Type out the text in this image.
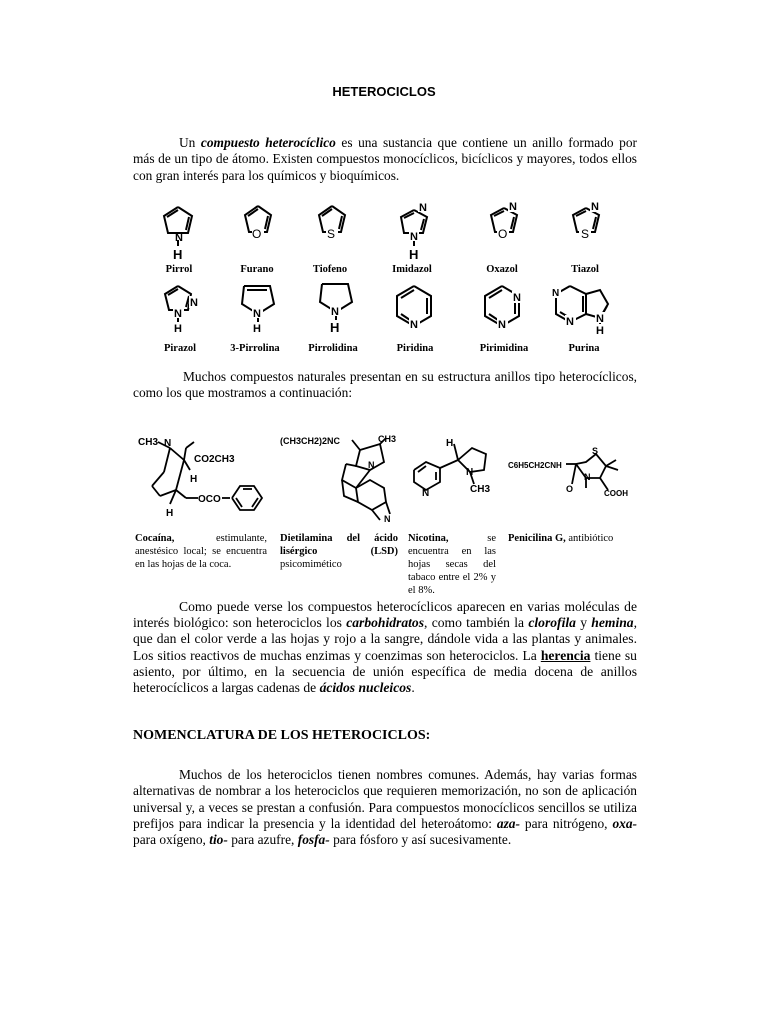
HETEROCICLOS
Un compuesto heterocíclico es una sustancia que contiene un anillo formado por más de un tipo de átomo. Existen compuestos monocíclicos, bicíclicos y mayores, todos ellos con gran interés para los químicos y bioquímicos.
N
H
O	S
N
N
H
N
O
N
S
Pirrol	Furano	Tiofeno	Imidazol	Oxazol	Tiazol
N
N
H
N
H
N
H	N
N
N
N
N N
H
Pirazol	3-Pirrolina	Pirrolidina	Piridina	Pirimidina	Purina
Muchos compuestos naturales presentan en su estructura anillos tipo heterocíclicos, como los que mostramos a continuación:
CH3 N
CO2CH3
H
H
OCO
(CH3CH2)2NC	CH3
N
N
H
N
CH3
N
C6H5CH2CNH
S
N
O	COOH
Cocaína, estimulante, anestésico local; se encuentra en las hojas de la coca.
Dietilamina del ácido lisérgico (LSD) psicomimético
Nicotina, se encuentra en las hojas secas del tabaco entre el 2% y el 8%.
Penicilina G, antibiótico
Como puede verse los compuestos heterocíclicos aparecen en varias moléculas de interés biológico: son heterociclos los carbohidratos, como también la clorofila y hemina, que dan el color verde a las hojas y rojo a la sangre, dándole vida a las plantas y animales. Los sitios reactivos de muchas enzimas y coenzimas son heterociclos. La herencia tiene su asiento, por último, en la secuencia de unión específica de media docena de anillos heterocíclicos a largas cadenas de ácidos nucleicos.
NOMENCLATURA DE LOS HETEROCICLOS:
Muchos de los heterociclos tienen nombres comunes. Además, hay varias formas alternativas de nombrar a los heterociclos que requieren memorización, no son de aplicación universal y, a veces se prestan a confusión. Para compuestos monocíclicos sencillos se utiliza prefijos para indicar la presencia y la identidad del heteroátomo: aza- para nitrógeno, oxa- para oxígeno, tio- para azufre, fosfa- para fósforo y así sucesivamente.
